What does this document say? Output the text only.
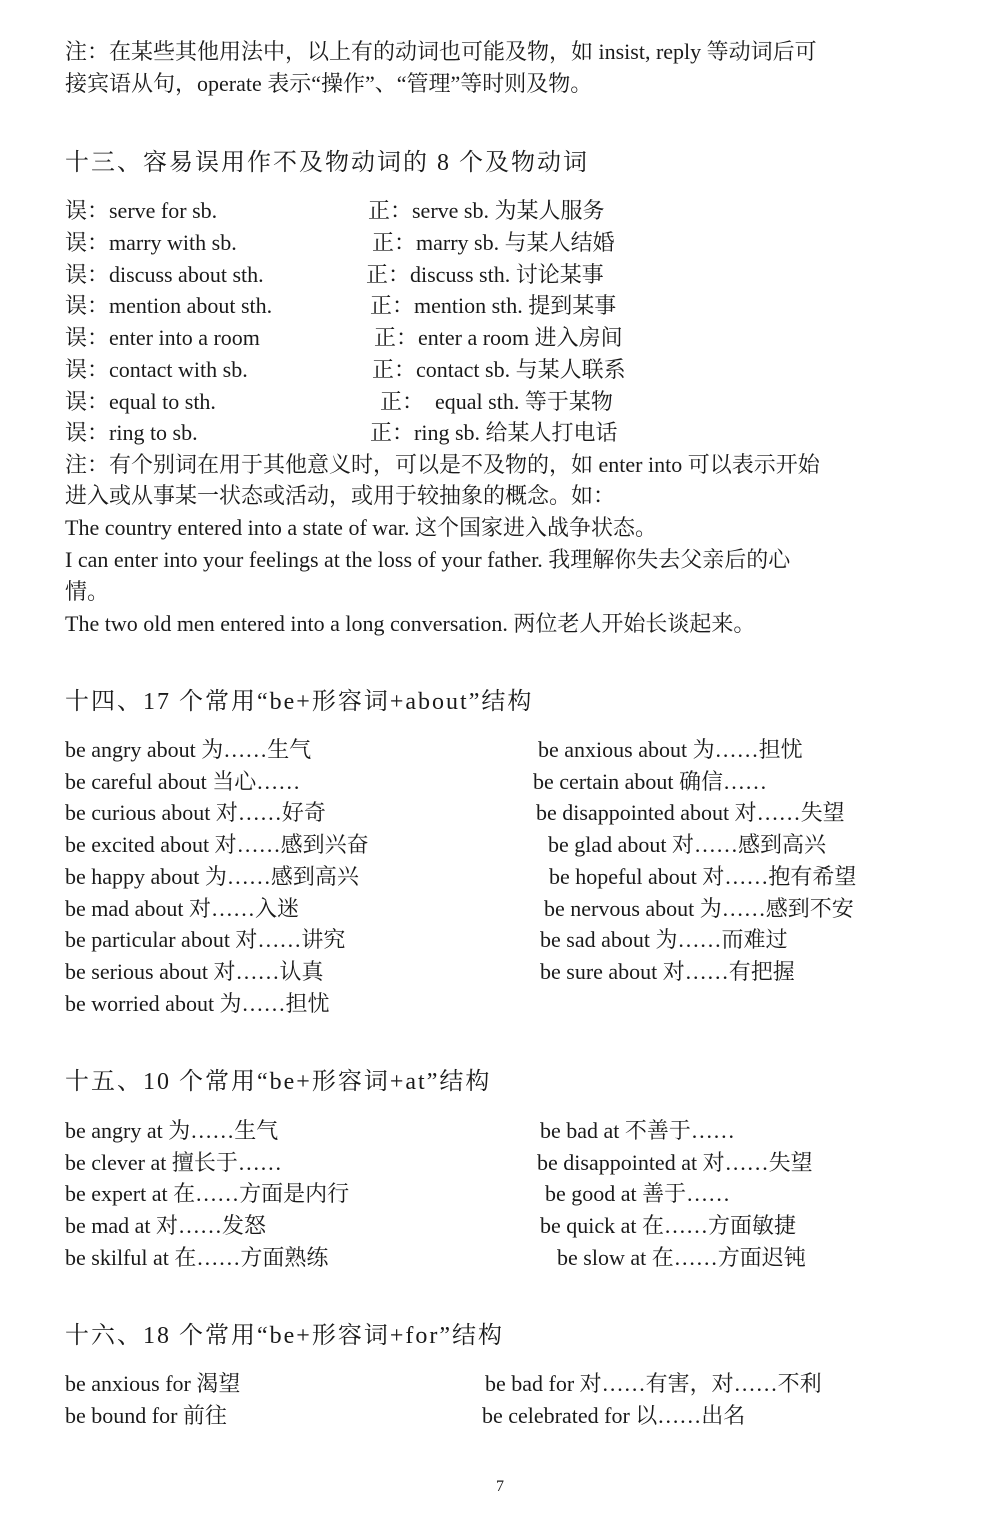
注：在某些其他用法中，以上有的动词也可能及物，如 insist, reply 等动词后可
接宾语从句，operate 表示“操作”、“管理”等时则及物。
十三、容易误用作不及物动词的 8 个及物动词
误：serve for sb.	正：serve sb. 为某人服务
误：marry with sb.	正：marry sb. 与某人结婚
误：discuss about sth.	正：discuss sth. 讨论某事
误：mention about sth.	正：mention sth. 提到某事
误：enter into a room	正：enter a room 进入房间
误：contact with sb.	正：contact sb. 与某人联系
误：equal to sth.	正：  equal sth. 等于某物
误：ring to sb.	正：ring sb. 给某人打电话
注：有个别词在用于其他意义时，可以是不及物的，如 enter into 可以表示开始
进入或从事某一状态或活动，或用于较抽象的概念。如：
The country entered into a state of war. 这个国家进入战争状态。
I can enter into your feelings at the loss of your father. 我理解你失去父亲后的心
情。
The two old men entered into a long conversation. 两位老人开始长谈起来。
十四、17 个常用“be+形容词+about”结构
be angry about 为……生气	be anxious about 为……担忧
be careful about 当心……	be certain about 确信……
be curious about 对……好奇	be disappointed about 对……失望
be excited about 对……感到兴奋	be glad about 对……感到高兴
be happy about 为……感到高兴	be hopeful about 对……抱有希望
be mad about 对……入迷	be nervous about 为……感到不安
be particular about 对……讲究	be sad about 为……而难过
be serious about 对……认真	be sure about 对……有把握
be worried about 为……担忧
十五、10 个常用“be+形容词+at”结构
be angry at 为……生气	be bad at 不善于……
be clever at 擅长于……	be disappointed at 对……失望
be expert at 在……方面是内行	be good at 善于……
be mad at 对……发怒	be quick at 在……方面敏捷
be skilful at 在……方面熟练	be slow at 在……方面迟钝
十六、18 个常用“be+形容词+for”结构
be anxious for 渴望	be bad for 对……有害，对……不利
be bound for 前往	be celebrated for 以……出名
7
